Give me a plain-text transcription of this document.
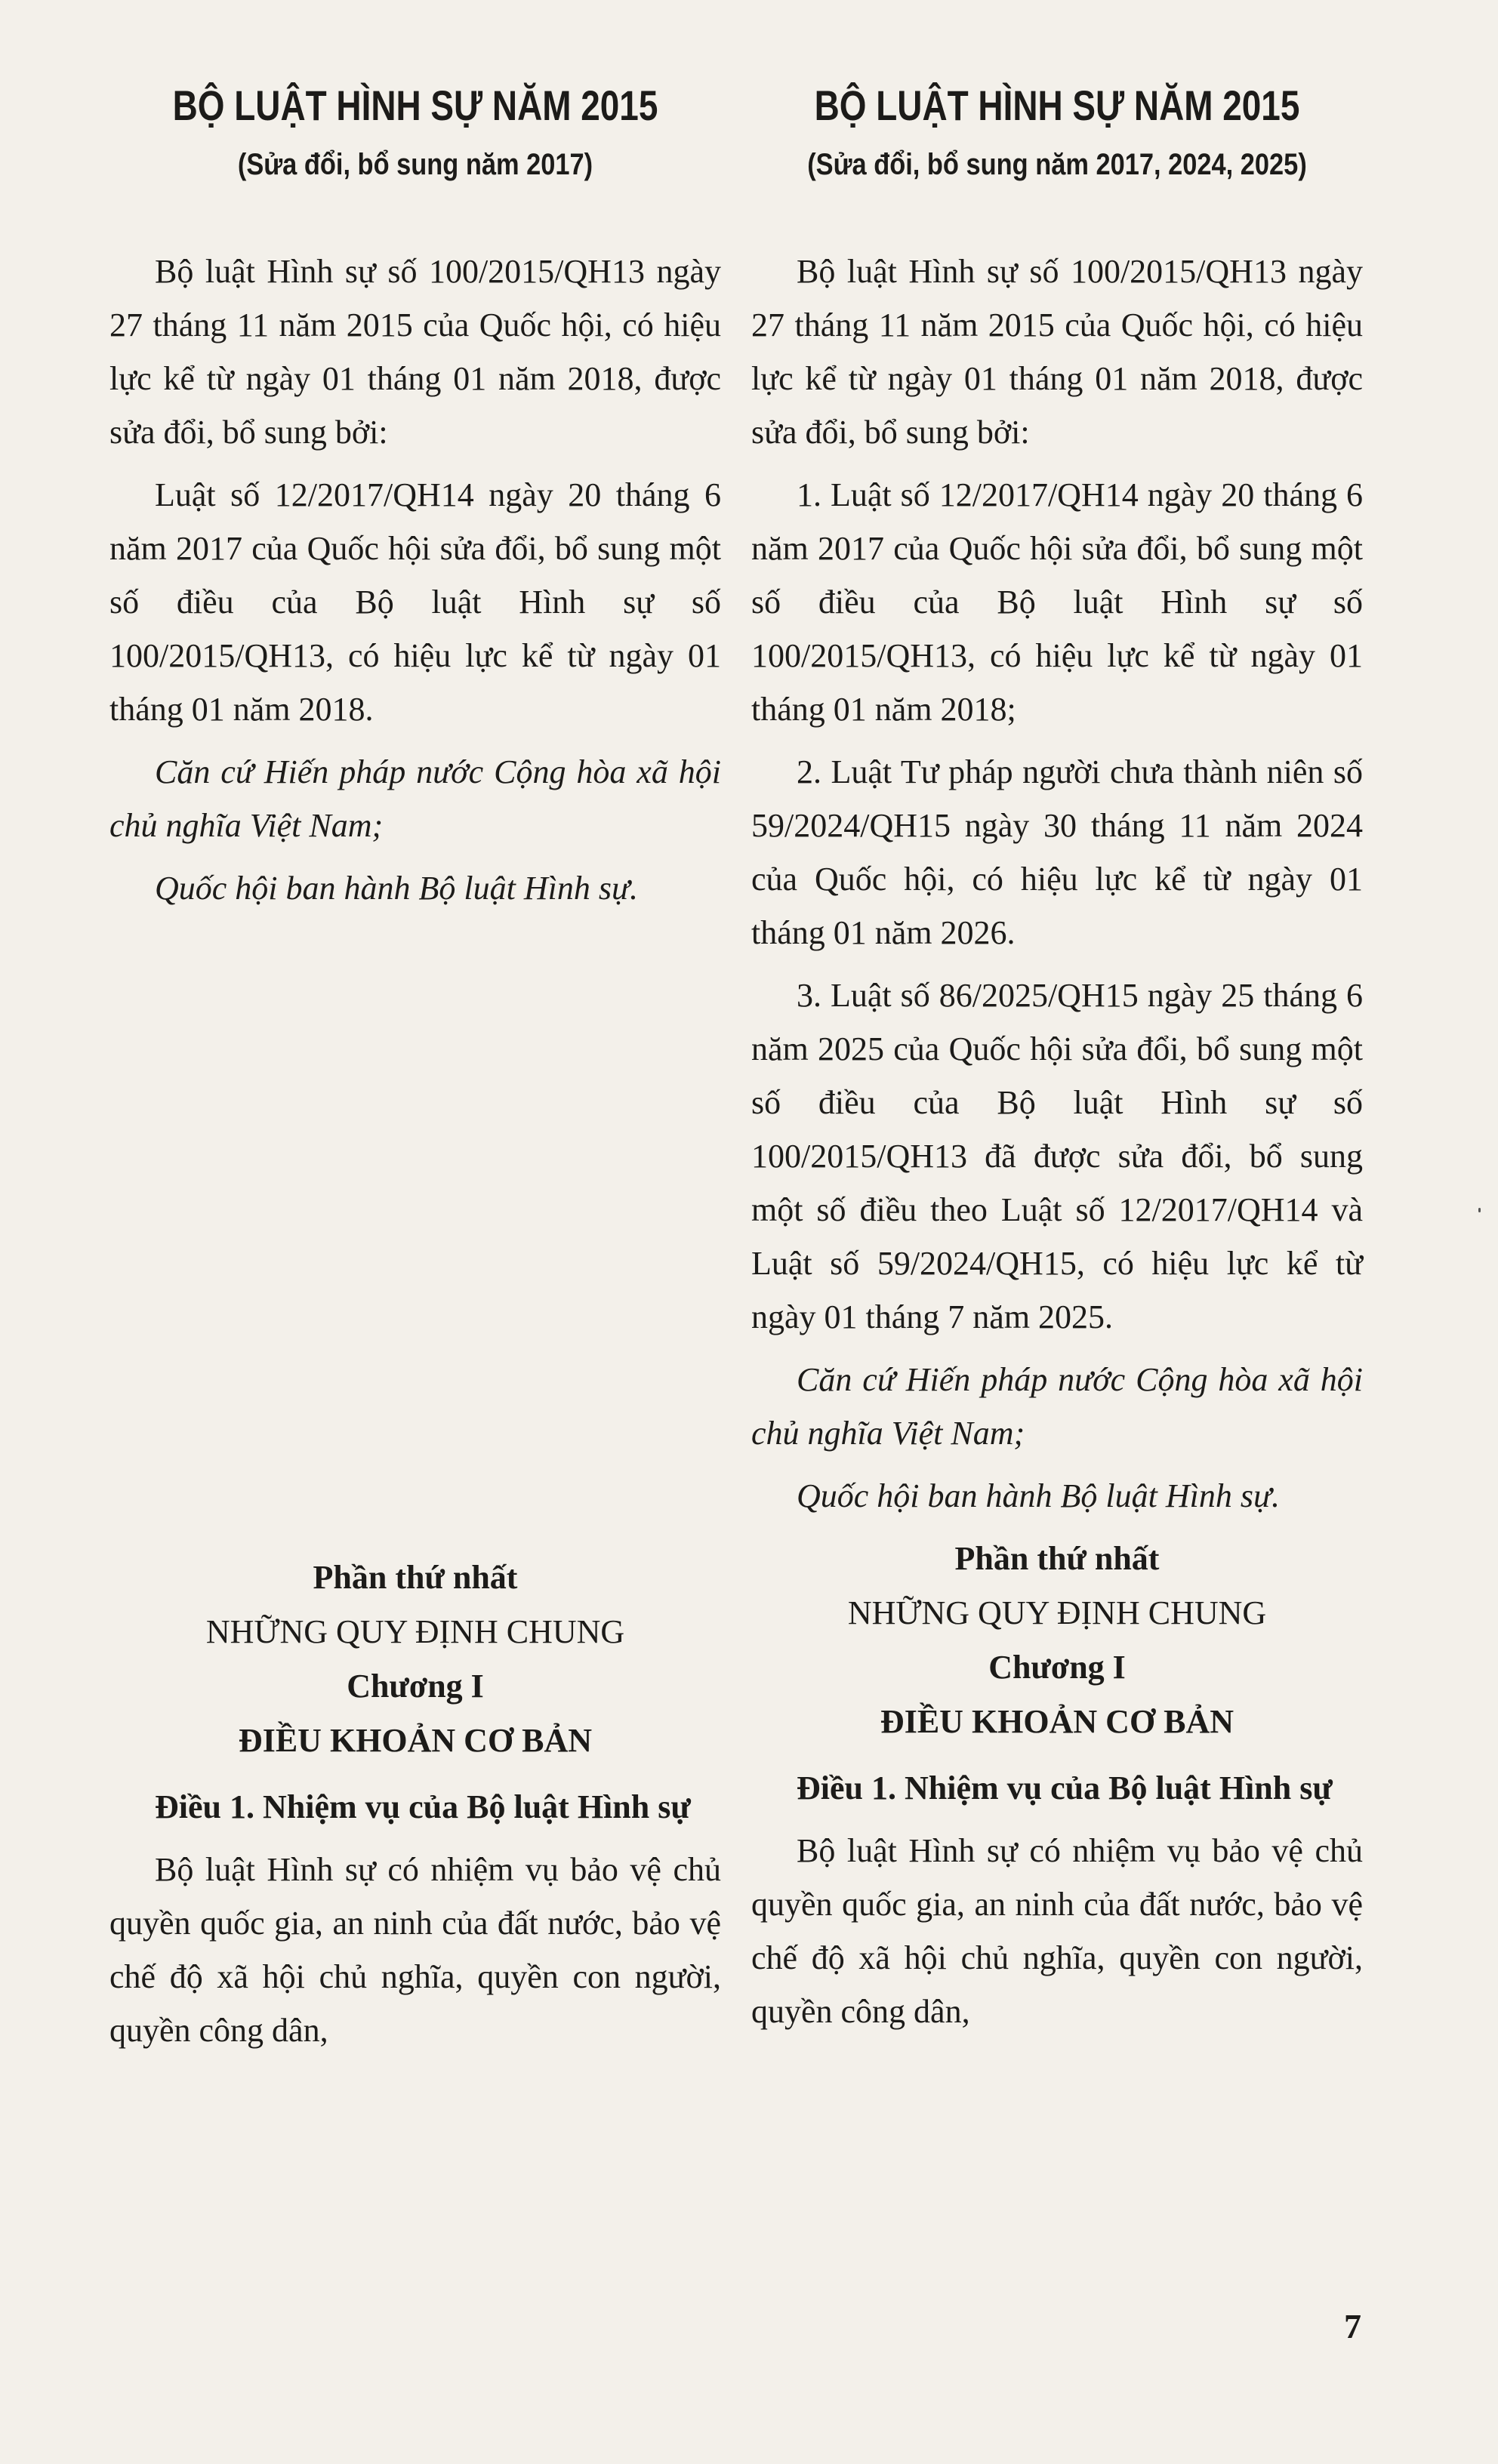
BỘ LUẬT HÌNH SỰ NĂM 2015
(Sửa đổi, bổ sung năm 2017)

Bộ luật Hình sự số 100/2015/QH13 ngày 27 tháng 11 năm 2015 của Quốc hội, có hiệu lực kể từ ngày 01 tháng 01 năm 2018, được sửa đổi, bổ sung bởi:

Luật số 12/2017/QH14 ngày 20 tháng 6 năm 2017 của Quốc hội sửa đổi, bổ sung một số điều của Bộ luật Hình sự số 100/2015/QH13, có hiệu lực kể từ ngày 01 tháng 01 năm 2018.

Căn cứ Hiến pháp nước Cộng hòa xã hội chủ nghĩa Việt Nam;

Quốc hội ban hành Bộ luật Hình sự.

Phần thứ nhất

NHỮNG QUY ĐỊNH CHUNG

Chương I

ĐIỀU KHOẢN CƠ BẢN

Điều 1. Nhiệm vụ của Bộ luật Hình sự

Bộ luật Hình sự có nhiệm vụ bảo vệ chủ quyền quốc gia, an ninh của đất nước, bảo vệ chế độ xã hội chủ nghĩa, quyền con người, quyền công dân,

BỘ LUẬT HÌNH SỰ NĂM 2015
(Sửa đổi, bổ sung năm 2017, 2024, 2025)

Bộ luật Hình sự số 100/2015/QH13 ngày 27 tháng 11 năm 2015 của Quốc hội, có hiệu lực kể từ ngày 01 tháng 01 năm 2018, được sửa đổi, bổ sung bởi:

1. Luật số 12/2017/QH14 ngày 20 tháng 6 năm 2017 của Quốc hội sửa đổi, bổ sung một số điều của Bộ luật Hình sự số 100/2015/QH13, có hiệu lực kể từ ngày 01 tháng 01 năm 2018;

2. Luật Tư pháp người chưa thành niên số 59/2024/QH15 ngày 30 tháng 11 năm 2024 của Quốc hội, có hiệu lực kể từ ngày 01 tháng 01 năm 2026.

3. Luật số 86/2025/QH15 ngày 25 tháng 6 năm 2025 của Quốc hội sửa đổi, bổ sung một số điều của Bộ luật Hình sự số 100/2015/QH13 đã được sửa đổi, bổ sung một số điều theo Luật số 12/2017/QH14 và Luật số 59/2024/QH15, có hiệu lực kể từ ngày 01 tháng 7 năm 2025.

Căn cứ Hiến pháp nước Cộng hòa xã hội chủ nghĩa Việt Nam;

Quốc hội ban hành Bộ luật Hình sự.

Phần thứ nhất

NHỮNG QUY ĐỊNH CHUNG

Chương I

ĐIỀU KHOẢN CƠ BẢN

Điều 1. Nhiệm vụ của Bộ luật Hình sự

Bộ luật Hình sự có nhiệm vụ bảo vệ chủ quyền quốc gia, an ninh của đất nước, bảo vệ chế độ xã hội chủ nghĩa, quyền con người, quyền công dân,

7
